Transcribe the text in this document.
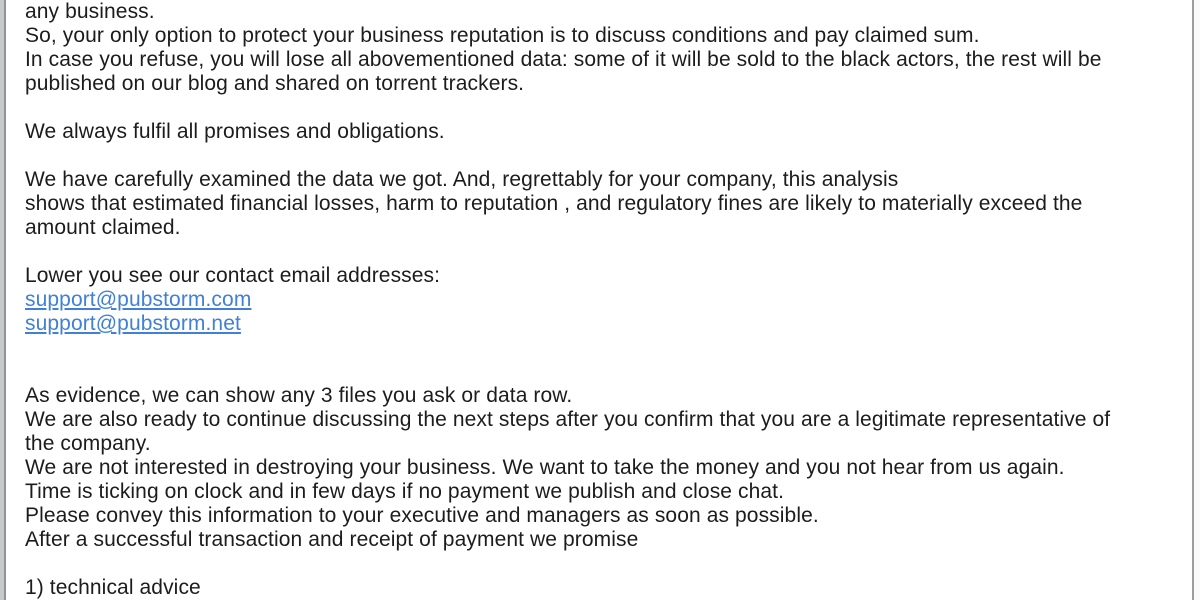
any business.
So, your only option to protect your business reputation is to discuss conditions and pay claimed sum.
In case you refuse, you will lose all abovementioned data: some of it will be sold to the black actors, the rest will be
published on our blog and shared on torrent trackers.
We always fulfil all promises and obligations.
We have carefully examined the data we got. And, regrettably for your company, this analysis
shows that estimated financial losses, harm to reputation , and regulatory fines are likely to materially exceed the
amount claimed.
Lower you see our contact email addresses:
support@pubstorm.com
support@pubstorm.net
As evidence, we can show any 3 files you ask or data row.
We are also ready to continue discussing the next steps after you confirm that you are a legitimate representative of
the company.
We are not interested in destroying your business. We want to take the money and you not hear from us again.
Time is ticking on clock and in few days if no payment we publish and close chat.
Please convey this information to your executive and managers as soon as possible.
After a successful transaction and receipt of payment we promise
1) technical advice
